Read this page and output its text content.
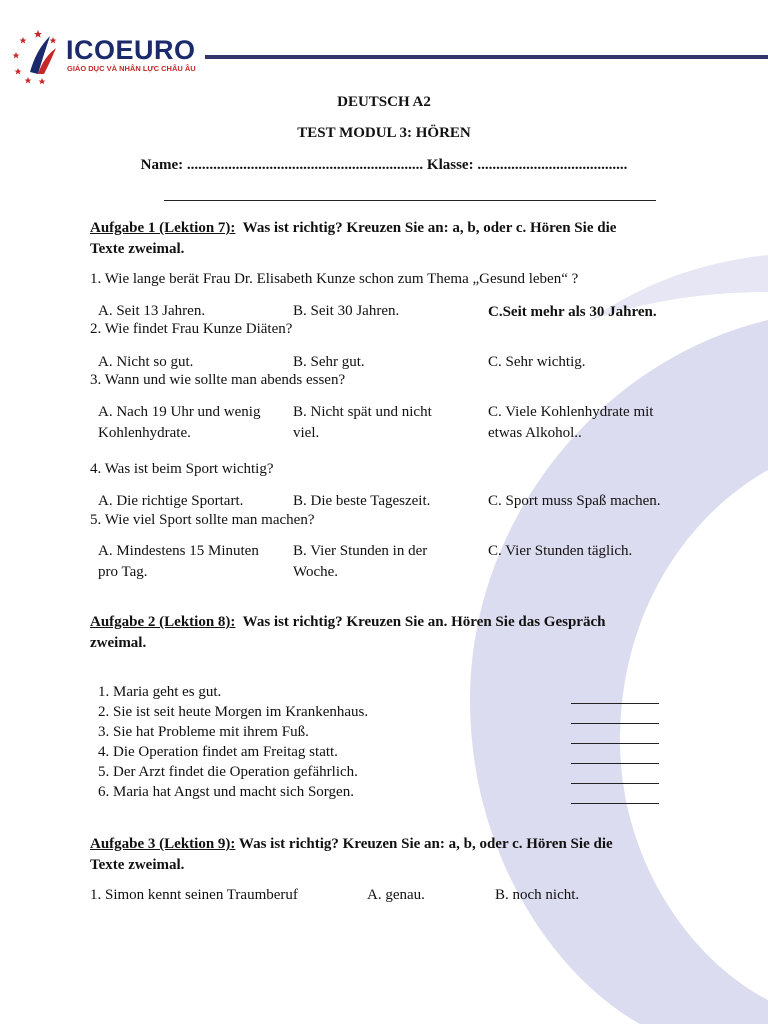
ICOEURO
GIÁO DỤC VÀ NHÂN LỰC CHÂU ÂU
DEUTSCH A2
TEST MODUL 3: HÖREN
Name: ............................................................... Klasse: ........................................
Aufgabe 1 (Lektion 7): Was ist richtig? Kreuzen Sie an: a, b, oder c. Hören Sie die
Texte zweimal.
1. Wie lange berät Frau Dr. Elisabeth Kunze schon zum Thema „Gesund leben“ ?
A. Seit 13 Jahren.	B. Seit 30 Jahren.	C.Seit mehr als 30 Jahren.
2. Wie findet Frau Kunze Diäten?
A. Nicht so gut.	B. Sehr gut.	C. Sehr wichtig.
3. Wann und wie sollte man abends essen?
A. Nach 19 Uhr und wenig
Kohlenhydrate.
B. Nicht spät und nicht
viel.
C. Viele Kohlenhydrate mit
etwas Alkohol..
4. Was ist beim Sport wichtig?
A. Die richtige Sportart.	B. Die beste Tageszeit.	C. Sport muss Spaß machen.
5. Wie viel Sport sollte man machen?
A. Mindestens 15 Minuten
pro Tag.
B. Vier Stunden in der
Woche.
C. Vier Stunden täglich.
Aufgabe 2 (Lektion 8): Was ist richtig? Kreuzen Sie an. Hören Sie das Gespräch
zweimal.
1. Maria geht es gut.
2. Sie ist seit heute Morgen im Krankenhaus.
3. Sie hat Probleme mit ihrem Fuß.
4. Die Operation findet am Freitag statt.
5. Der Arzt findet die Operation gefährlich.
6. Maria hat Angst und macht sich Sorgen.
Aufgabe 3 (Lektion 9): Was ist richtig? Kreuzen Sie an: a, b, oder c. Hören Sie die
Texte zweimal.
1. Simon kennt seinen Traumberuf	A. genau.	B. noch nicht.
